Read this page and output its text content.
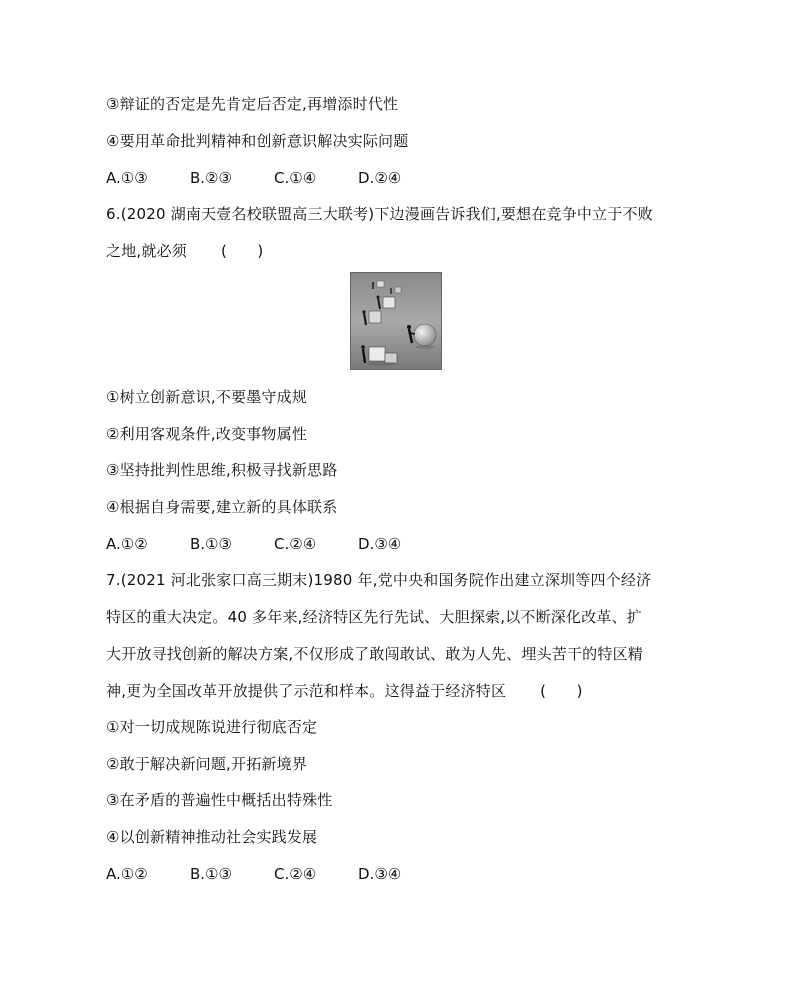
③辩证的否定是先肯定后否定,再增添时代性
④要用革命批判精神和创新意识解决实际问题
A.①③	B.②③	C.①④	D.②④
6.(2020 湖南天壹名校联盟高三大联考)下边漫画告诉我们,要想在竞争中立于不败
之地,就必须 (　　)
①树立创新意识,不要墨守成规
②利用客观条件,改变事物属性
③坚持批判性思维,积极寻找新思路
④根据自身需要,建立新的具体联系
A.①②	B.①③	C.②④	D.③④
7.(2021 河北张家口高三期末)1980 年,党中央和国务院作出建立深圳等四个经济
特区的重大决定。40 多年来,经济特区先行先试、大胆探索,以不断深化改革、扩
大开放寻找创新的解决方案,不仅形成了敢闯敢试、敢为人先、埋头苦干的特区精
神,更为全国改革开放提供了示范和样本。这得益于经济特区 (　　)
①对一切成规陈说进行彻底否定
②敢于解决新问题,开拓新境界
③在矛盾的普遍性中概括出特殊性
④以创新精神推动社会实践发展
A.①②	B.①③	C.②④	D.③④
